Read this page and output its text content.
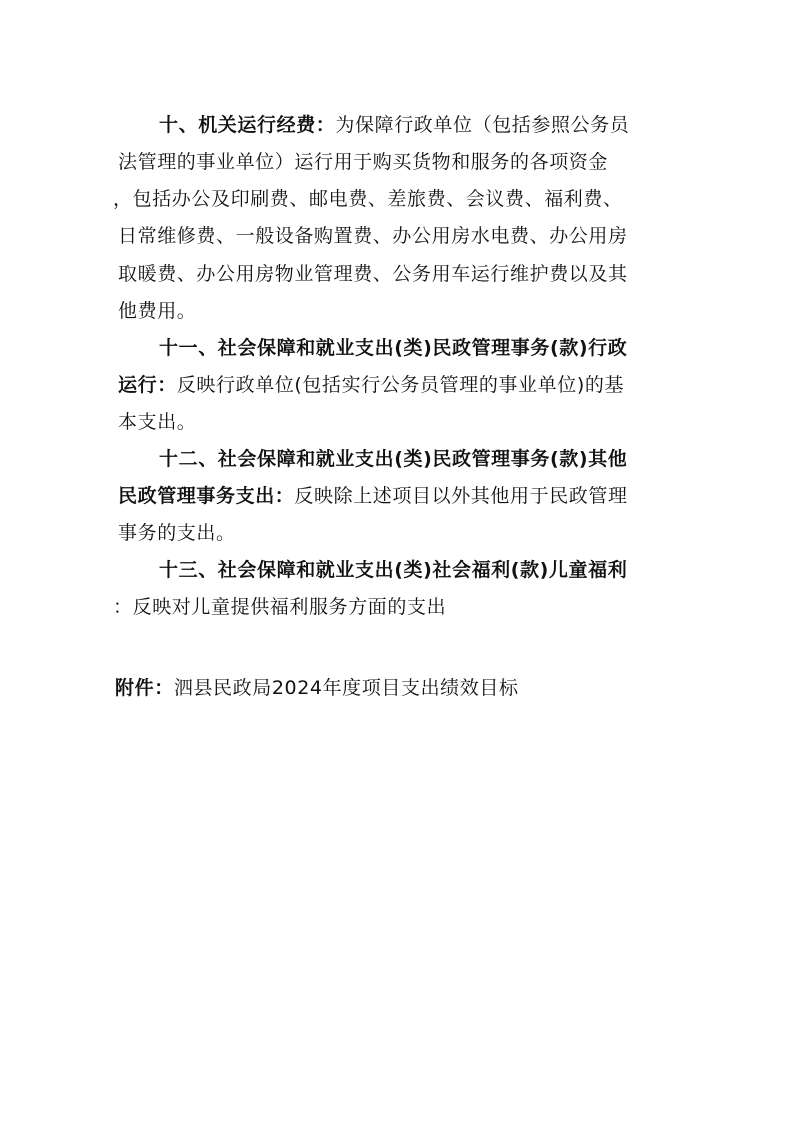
十、机关运行经费：为保障行政单位（包括参照公务员
法管理的事业单位）运行用于购买货物和服务的各项资金
，包括办公及印刷费、邮电费、差旅费、会议费、福利费、
日常维修费、一般设备购置费、办公用房水电费、办公用房
取暖费、办公用房物业管理费、公务用车运行维护费以及其
他费用。
十一、社会保障和就业支出(类)民政管理事务(款)行政
运行：反映行政单位(包括实行公务员管理的事业单位)的基
本支出。
十二、社会保障和就业支出(类)民政管理事务(款)其他
民政管理事务支出：反映除上述项目以外其他用于民政管理
事务的支出。
十三、社会保障和就业支出(类)社会福利(款)儿童福利
：反映对儿童提供福利服务方面的支出
附件：泗县民政局2024年度项目支出绩效目标
